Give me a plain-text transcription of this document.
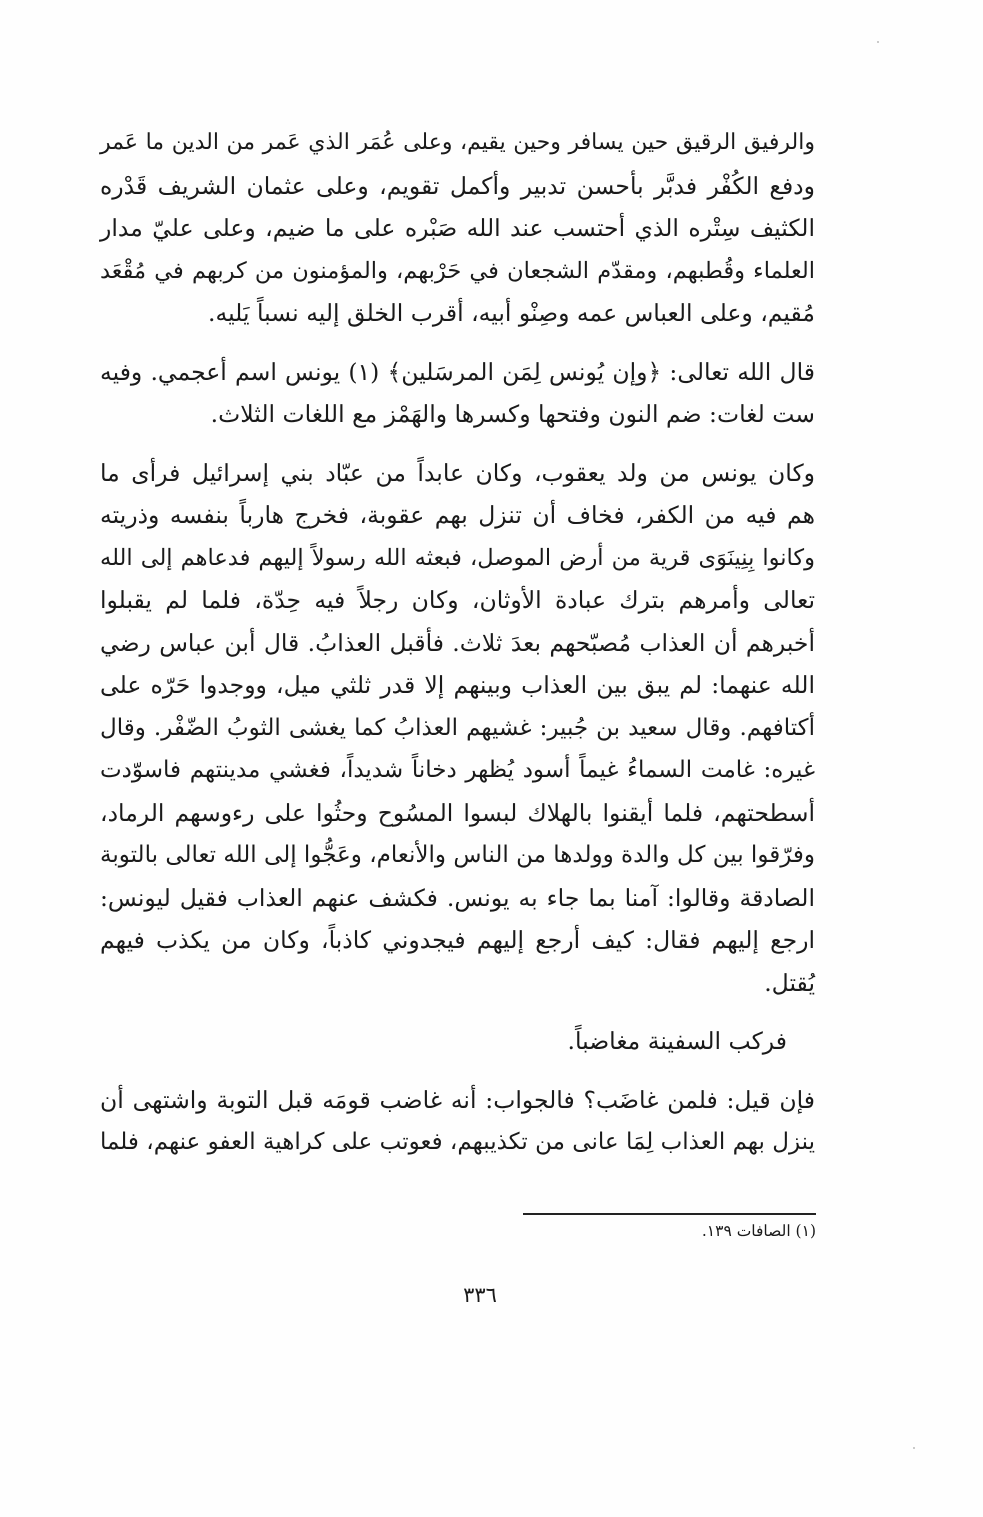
والرفيق الرقيق حين يسافر وحين يقيم، وعلى عُمَر الذي عَمر من الدين ما عَمر
ودفع الكُفْر فدبَّر بأحسن تدبير وأكمل تقويم، وعلى عثمان الشريف قَدْره
الكثيف سِتْره الذي أحتسب عند الله صَبْره على ما ضيم، وعلى عليّ مدار
العلماء وقُطبهم، ومقدّم الشجعان في حَرْبهم، والمؤمنون من كربهم في مُقْعَد
مُقيم، وعلى العباس عمه وصِنْو أبيه، أقرب الخلق إليه نسباً يَليه.

قال الله تعالى: ﴿وإن يُونس لِمَن المرسَلين﴾ (١) يونس اسم أعجمي. وفيه
ست لغات: ضم النون وفتحها وكسرها والهَمْز مع اللغات الثلاث.

وكان يونس من ولد يعقوب، وكان عابداً من عبّاد بني إسرائيل فرأى ما
هم فيه من الكفر، فخاف أن تنزل بهم عقوبة، فخرج هارباً بنفسه وذريته
وكانوا بِنِينَوَى قرية من أرض الموصل، فبعثه الله رسولاً إليهم فدعاهم إلى الله
تعالى وأمرهم بترك عبادة الأوثان، وكان رجلاً فيه حِدّة، فلما لم يقبلوا
أخبرهم أن العذاب مُصبّحهم بعدَ ثلاث. فأقبل العذابُ. قال أبن عباس رضي
الله عنهما: لم يبق بين العذاب وبينهم إلا قدر ثلثي ميل، ووجدوا حَرّه على
أكتافهم. وقال سعيد بن جُبير: غشيهم العذابُ كما يغشى الثوبُ الضّفْر. وقال
غيره: غامت السماءُ غيماً أسود يُظهر دخاناً شديداً، فغشي مدينتهم فاسوّدت
أسطحتهم، فلما أيقنوا بالهلاك لبسوا المسُوح وحثُوا على رءوسهم الرماد،
وفرّقوا بين كل والدة وولدها من الناس والأنعام، وعَجُّوا إلى الله تعالى بالتوبة
الصادقة وقالوا: آمنا بما جاء به يونس. فكشف عنهم العذاب فقيل ليونس:
ارجع إليهم فقال: كيف أرجع إليهم فيجدوني كاذباً، وكان من يكذب فيهم
يُقتل.

فركب السفينة مغاضباً.

فإن قيل: فلمن غاضَب؟ فالجواب: أنه غاضب قومَه قبل التوبة واشتهى أن
ينزل بهم العذاب لِمَا عانى من تكذيبهم، فعوتب على كراهية العفو عنهم، فلما

(١) الصافات ١٣٩.
٣٣٦
